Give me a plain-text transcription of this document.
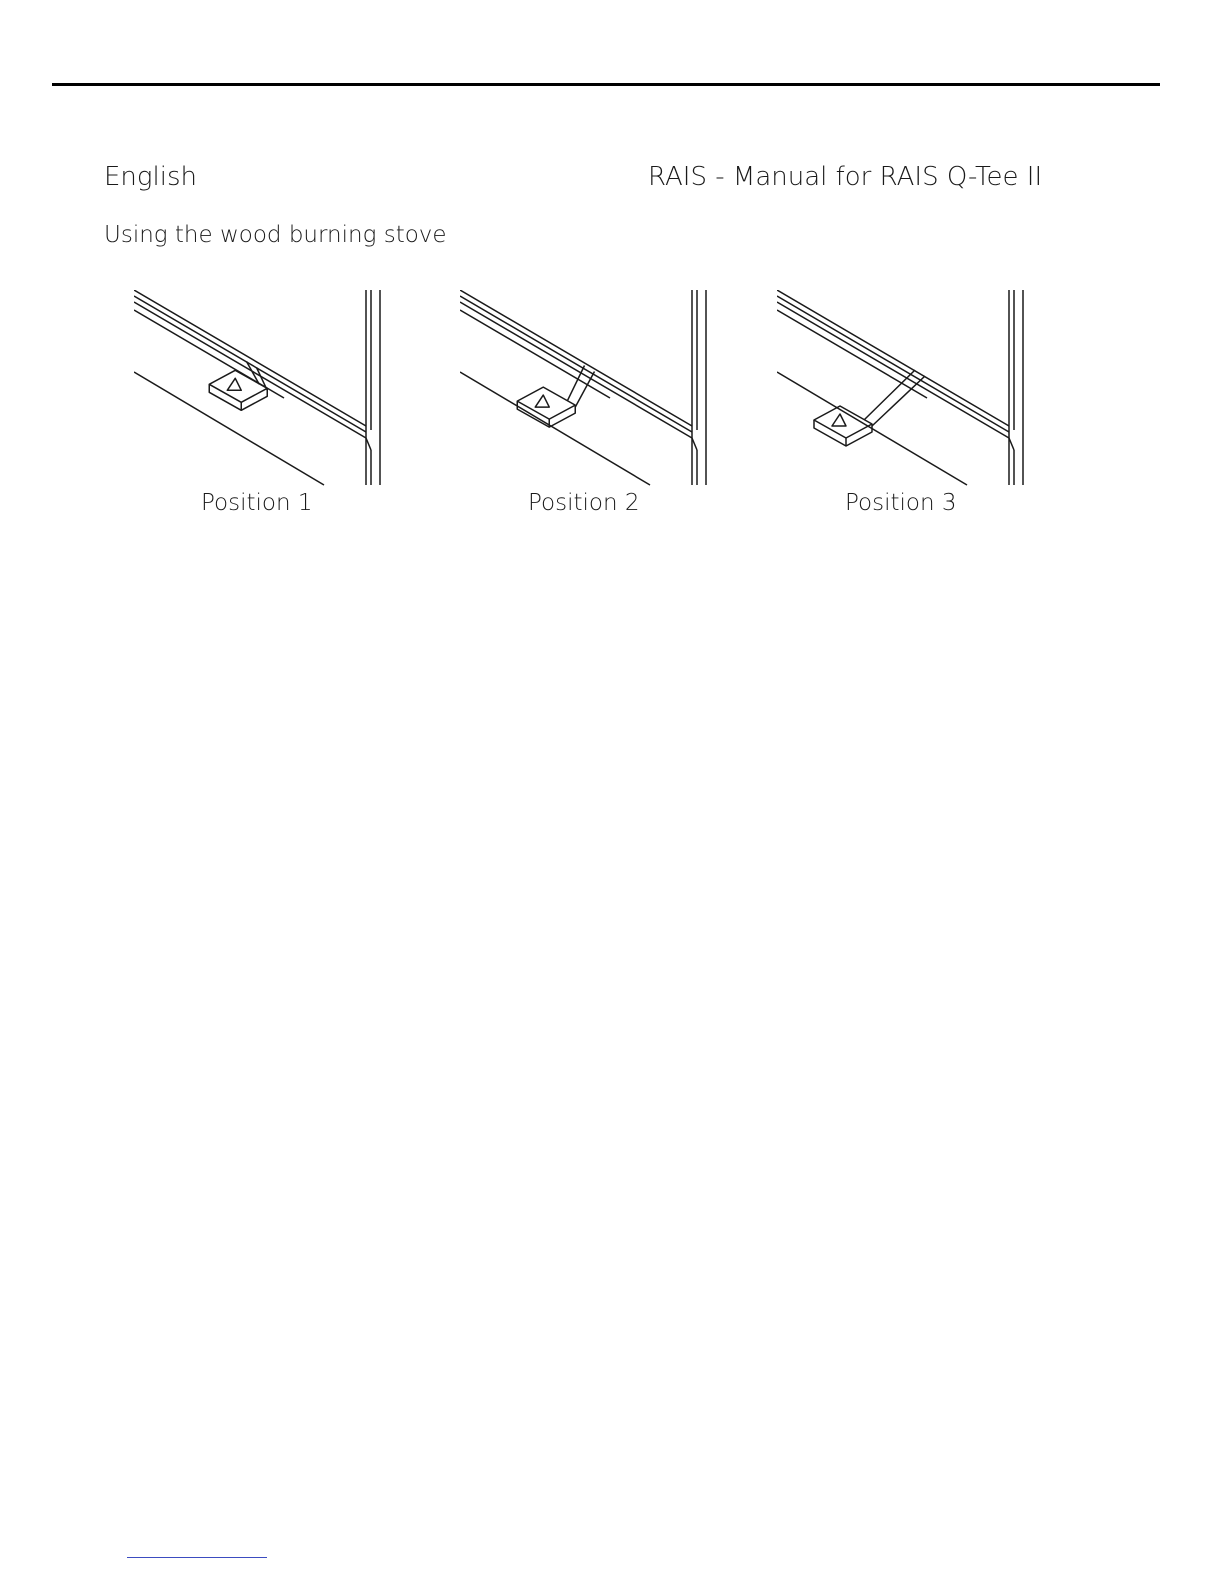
English	RAIS - Manual for RAIS Q-Tee II
Using the wood burning stove
Position 1	Position 2	Position 3
